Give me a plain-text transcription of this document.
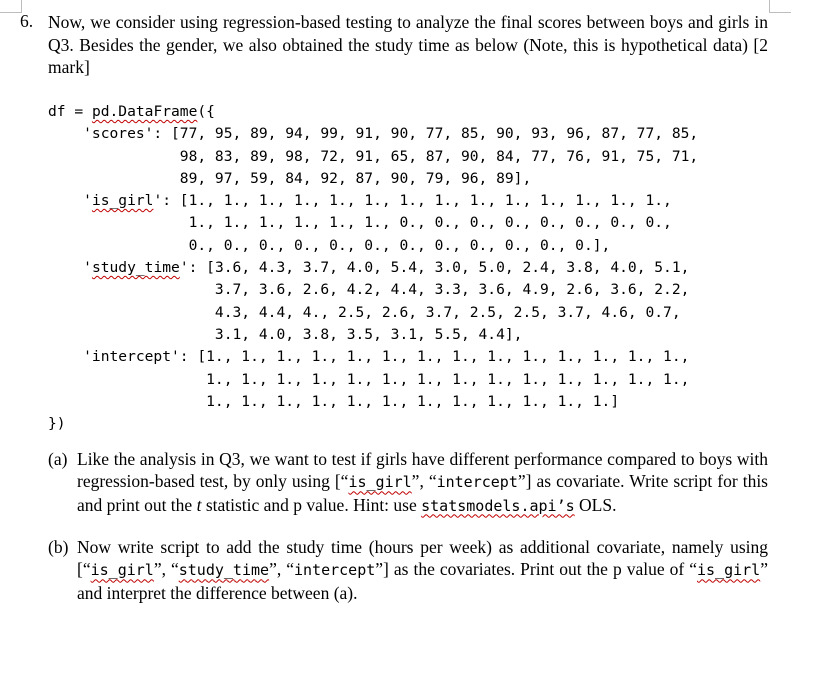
6. Now, we consider using regression-based testing to analyze the final scores between boys and girls in Q3. Besides the gender, we also obtained the study time as below (Note, this is hypothetical data) [2 mark]
df = pd.DataFrame({
'scores': [77, 95, 89, 94, 99, 91, 90, 77, 85, 90, 93, 96, 87, 77, 85,
98, 83, 89, 98, 72, 91, 65, 87, 90, 84, 77, 76, 91, 75, 71,
89, 97, 59, 84, 92, 87, 90, 79, 96, 89],
'is_girl': [1., 1., 1., 1., 1., 1., 1., 1., 1., 1., 1., 1., 1., 1.,
1., 1., 1., 1., 1., 1., 0., 0., 0., 0., 0., 0., 0., 0.,
0., 0., 0., 0., 0., 0., 0., 0., 0., 0., 0., 0.],
'study_time': [3.6, 4.3, 3.7, 4.0, 5.4, 3.0, 5.0, 2.4, 3.8, 4.0, 5.1,
3.7, 3.6, 2.6, 4.2, 4.4, 3.3, 3.6, 4.9, 2.6, 3.6, 2.2,
4.3, 4.4, 4., 2.5, 2.6, 3.7, 2.5, 2.5, 3.7, 4.6, 0.7,
3.1, 4.0, 3.8, 3.5, 3.1, 5.5, 4.4],
'intercept': [1., 1., 1., 1., 1., 1., 1., 1., 1., 1., 1., 1., 1., 1.,
1., 1., 1., 1., 1., 1., 1., 1., 1., 1., 1., 1., 1., 1.,
1., 1., 1., 1., 1., 1., 1., 1., 1., 1., 1., 1.]
})
(a) Like the analysis in Q3, we want to test if girls have different performance compared to boys with regression-based test, by only using [“is_girl”, “intercept”] as covariate. Write script for this and print out the t statistic and p value. Hint: use statsmodels.api’s OLS.
(b) Now write script to add the study time (hours per week) as additional covariate, namely using [“is_girl”, “study_time”, “intercept”] as the covariates. Print out the p value of “is_girl” and interpret the difference between (a).
